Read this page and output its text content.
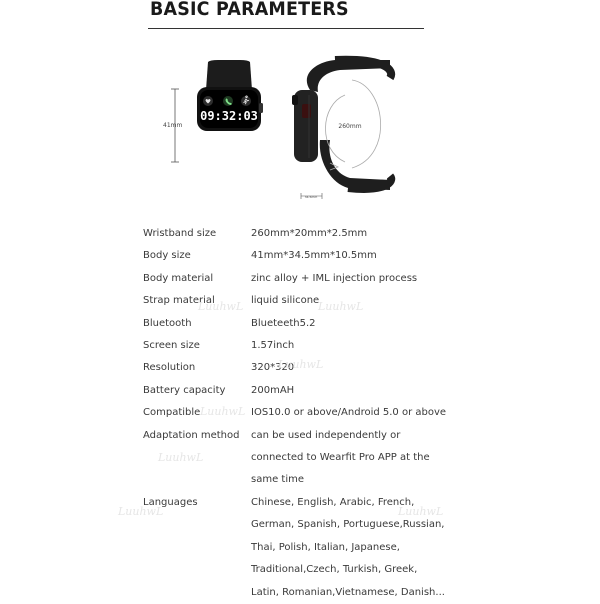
BASIC PARAMETERS
41mm
09:32:03
260mm
34.5mm
Wristband size	260mm*20mm*2.5mm
Body size	41mm*34.5mm*10.5mm
Body material	zinc alloy + IML injection process
Strap material	liquid silicone
Bluetooth	Blueteeth5.2
Screen size	1.57inch
Resolution	320*320
Battery capacity	200mAH
Compatible	IOS10.0 or above/Android 5.0 or above
Adaptation method	can be used independently or
connected to Wearfit Pro APP at the
same time
Languages	Chinese, English, Arabic, French,
German, Spanish, Portuguese,Russian,
Thai, Polish, Italian, Japanese,
Traditional,Czech, Turkish, Greek,
Latin, Romanian,Vietnamese, Danish...
LuuhwL	LuuhwL
LuuhwL
LuuhwL
LuuhwL
LuuhwL	LuuhwL
